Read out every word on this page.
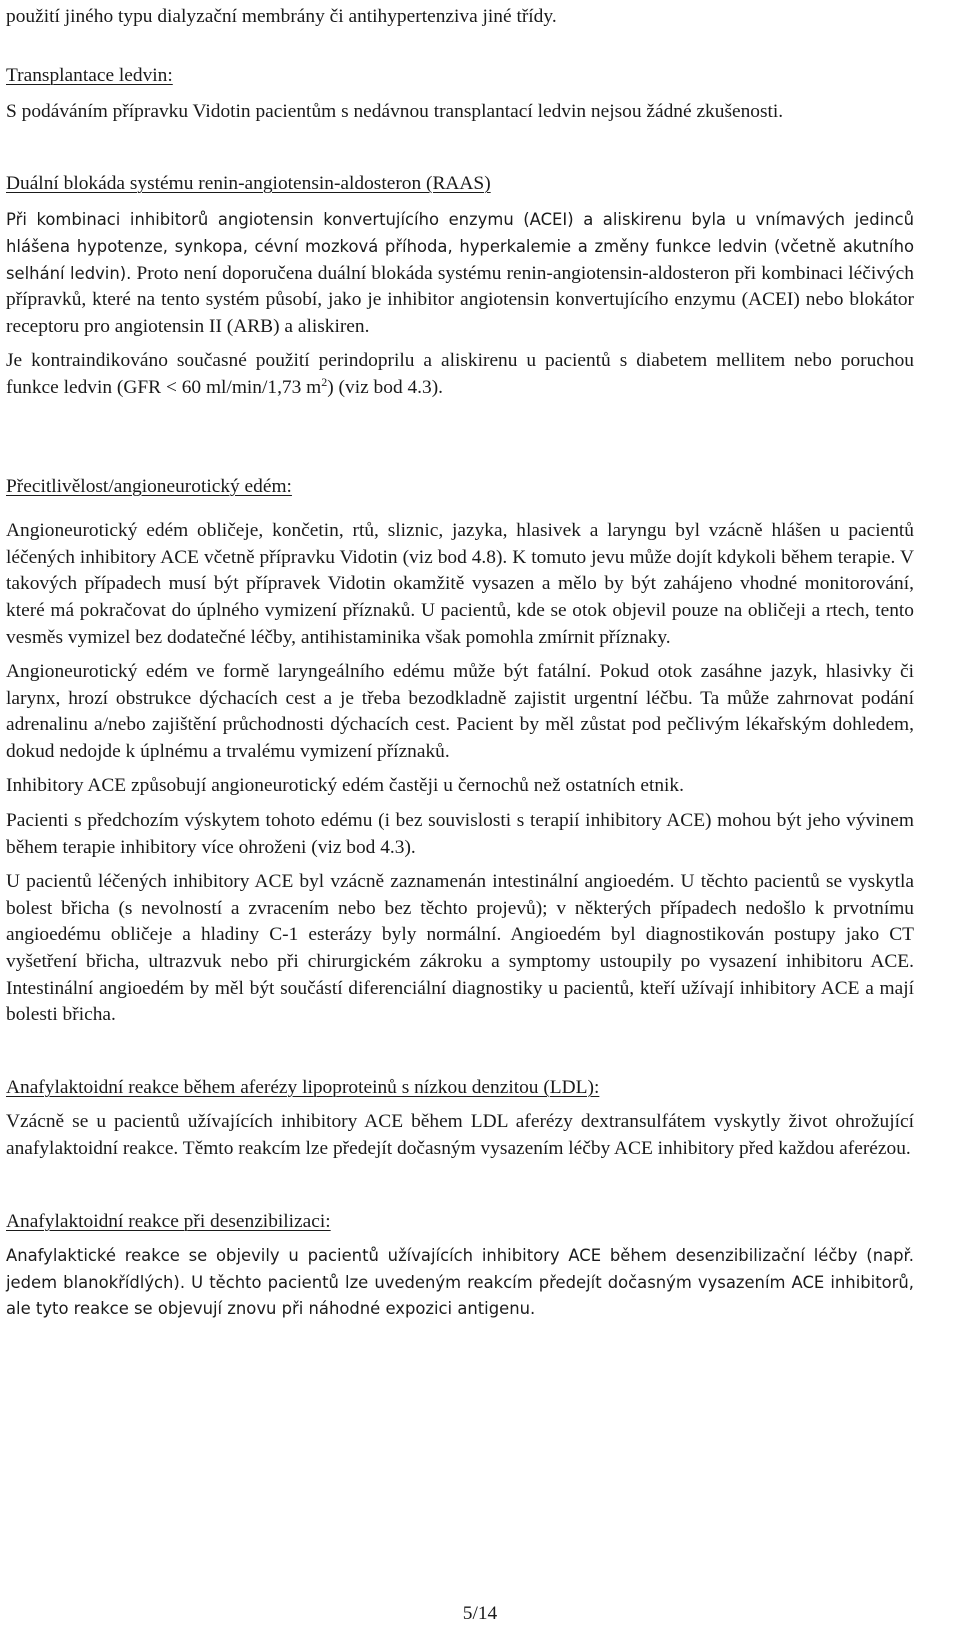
použití jiného typu dialyzační membrány či antihypertenziva jiné třídy.

Transplantace ledvin:

S podáváním přípravku Vidotin pacientům s nedávnou transplantací ledvin nejsou žádné zkušenosti.

Duální blokáda systému renin-angiotensin-aldosteron (RAAS)

Při kombinaci inhibitorů angiotensin konvertujícího enzymu (ACEI) a aliskirenu byla u vnímavých jedinců hlášena hypotenze, synkopa, cévní mozková příhoda, hyperkalemie a změny funkce ledvin (včetně akutního selhání ledvin). Proto není doporučena duální blokáda systému renin-angiotensin-aldosteron při kombinaci léčivých přípravků, které na tento systém působí, jako je inhibitor angiotensin konvertujícího enzymu (ACEI) nebo blokátor receptoru pro angiotensin II (ARB) a aliskiren.

Je kontraindikováno současné použití perindoprilu a aliskirenu u pacientů s diabetem mellitem nebo poruchou funkce ledvin (GFR < 60 ml/min/1,73 $m^2$) (viz bod 4.3).

Přecitlivělost/angioneurotický edém:

Angioneurotický edém obličeje, končetin, rtů, sliznic, jazyka, hlasivek a laryngu byl vzácně hlášen u pacientů léčených inhibitory ACE včetně přípravku Vidotin (viz bod 4.8). K tomuto jevu může dojít kdykoli během terapie. V takových případech musí být přípravek Vidotin okamžitě vysazen a mělo by být zahájeno vhodné monitorování, které má pokračovat do úplného vymizení příznaků. U pacientů, kde se otok objevil pouze na obličeji a rtech, tento vesměs vymizel bez dodatečné léčby, antihistaminika však pomohla zmírnit příznaky.

Angioneurotický edém ve formě laryngeálního edému může být fatální. Pokud otok zasáhne jazyk, hlasivky či larynx, hrozí obstrukce dýchacích cest a je třeba bezodkladně zajistit urgentní léčbu. Ta může zahrnovat podání adrenalinu a/nebo zajištění průchodnosti dýchacích cest. Pacient by měl zůstat pod pečlivým lékařským dohledem, dokud nedojde k úplnému a trvalému vymizení příznaků.

Inhibitory ACE způsobují angioneurotický edém častěji u černochů než ostatních etnik.

Pacienti s předchozím výskytem tohoto edému (i bez souvislosti s terapií inhibitory ACE) mohou být jeho vývinem během terapie inhibitory více ohroženi (viz bod 4.3).

U pacientů léčených inhibitory ACE byl vzácně zaznamenán intestinální angioedém. U těchto pacientů se vyskytla bolest břicha (s nevolností a zvracením nebo bez těchto projevů); v některých případech nedošlo k prvotnímu angioedému obličeje a hladiny C-1 esterázy byly normální. Angioedém byl diagnostikován postupy jako CT vyšetření břicha, ultrazvuk nebo při chirurgickém zákroku a symptomy ustoupily po vysazení inhibitoru ACE. Intestinální angioedém by měl být součástí diferenciální diagnostiky u pacientů, kteří užívají inhibitory ACE a mají bolesti břicha.

Anafylaktoidní reakce během aferézy lipoproteinů s nízkou denzitou (LDL):

Vzácně se u pacientů užívajících inhibitory ACE během LDL aferézy dextransulfátem vyskytly život ohrožující anafylaktoidní reakce. Těmto reakcím lze předejít dočasným vysazením léčby ACE inhibitory před každou aferézou.

Anafylaktoidní reakce při desenzibilizaci:

Anafylaktické reakce se objevily u pacientů užívajících inhibitory ACE během desenzibilizační léčby (např. jedem blanokřídlých). U těchto pacientů lze uvedeným reakcím předejít dočasným vysazením ACE inhibitorů, ale tyto reakce se objevují znovu při náhodné expozici antigenu.

5/14
